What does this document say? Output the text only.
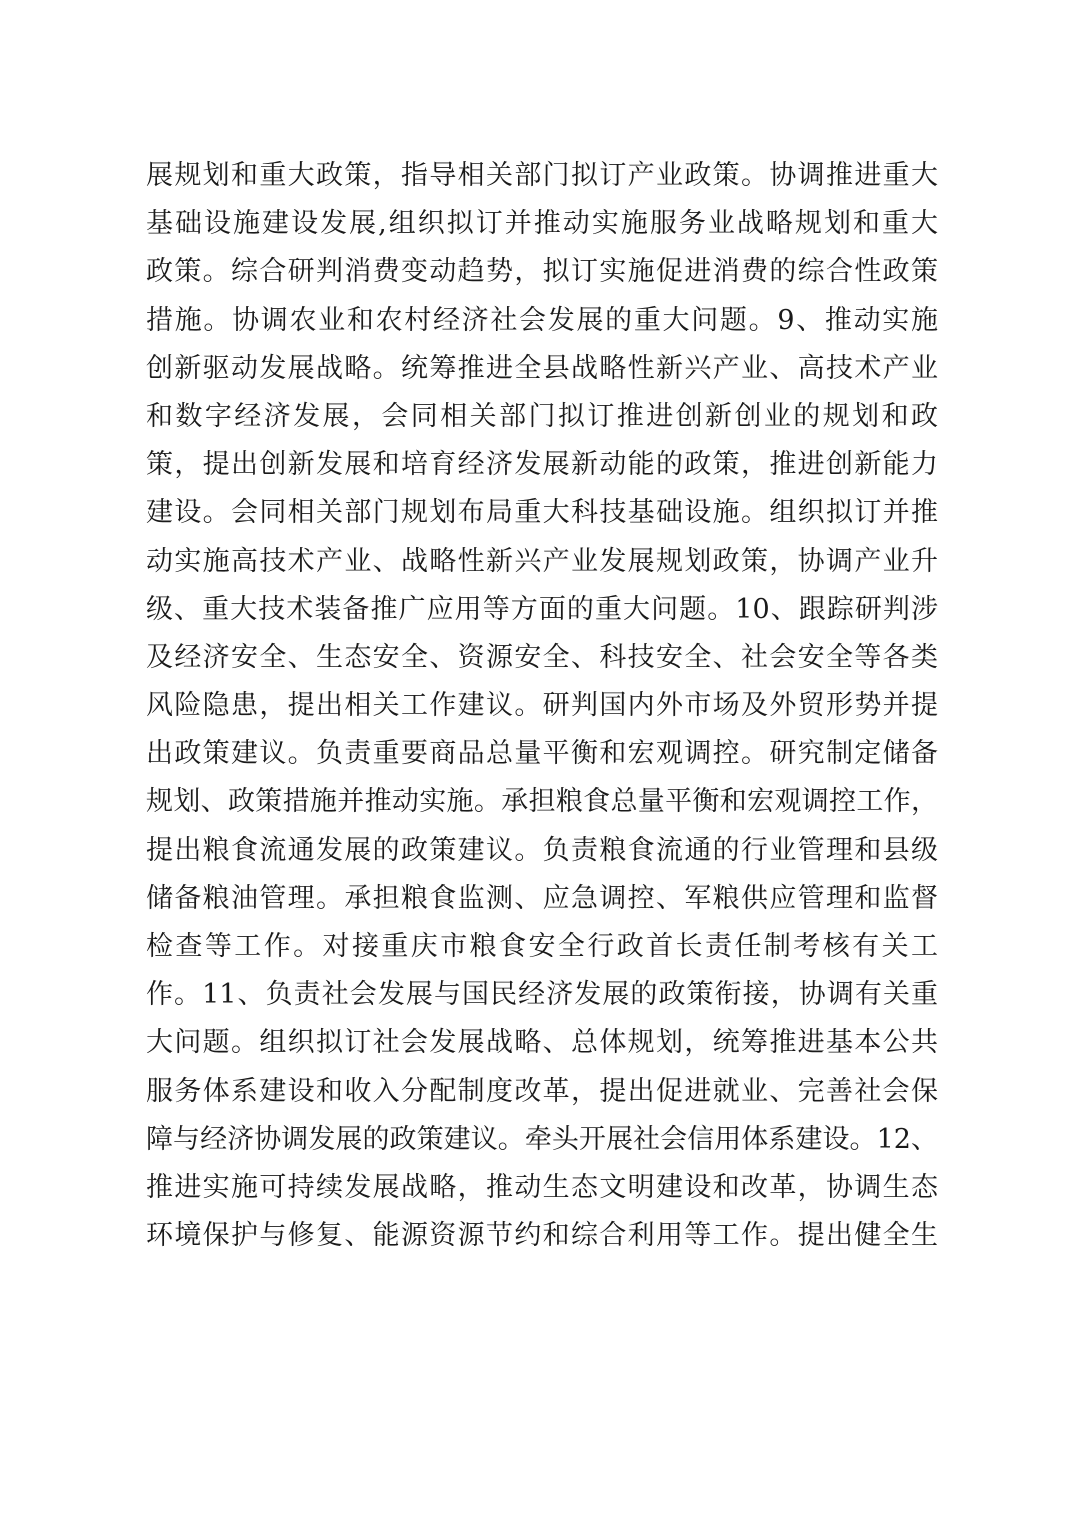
展规划和重大政策，指导相关部门拟订产业政策。协调推进重大
基础设施建设发展,组织拟订并推动实施服务业战略规划和重大
政策。综合研判消费变动趋势，拟订实施促进消费的综合性政策
措施。协调农业和农村经济社会发展的重大问题。9、推动实施
创新驱动发展战略。统筹推进全县战略性新兴产业、高技术产业
和数字经济发展，会同相关部门拟订推进创新创业的规划和政
策，提出创新发展和培育经济发展新动能的政策，推进创新能力
建设。会同相关部门规划布局重大科技基础设施。组织拟订并推
动实施高技术产业、战略性新兴产业发展规划政策，协调产业升
级、重大技术装备推广应用等方面的重大问题。10、跟踪研判涉
及经济安全、生态安全、资源安全、科技安全、社会安全等各类
风险隐患，提出相关工作建议。研判国内外市场及外贸形势并提
出政策建议。负责重要商品总量平衡和宏观调控。研究制定储备
规划、政策措施并推动实施。承担粮食总量平衡和宏观调控工作，
提出粮食流通发展的政策建议。负责粮食流通的行业管理和县级
储备粮油管理。承担粮食监测、应急调控、军粮供应管理和监督
检查等工作。对接重庆市粮食安全行政首长责任制考核有关工
作。11、负责社会发展与国民经济发展的政策衔接，协调有关重
大问题。组织拟订社会发展战略、总体规划，统筹推进基本公共
服务体系建设和收入分配制度改革，提出促进就业、完善社会保
障与经济协调发展的政策建议。牵头开展社会信用体系建设。12、
推进实施可持续发展战略，推动生态文明建设和改革，协调生态
环境保护与修复、能源资源节约和综合利用等工作。提出健全生
